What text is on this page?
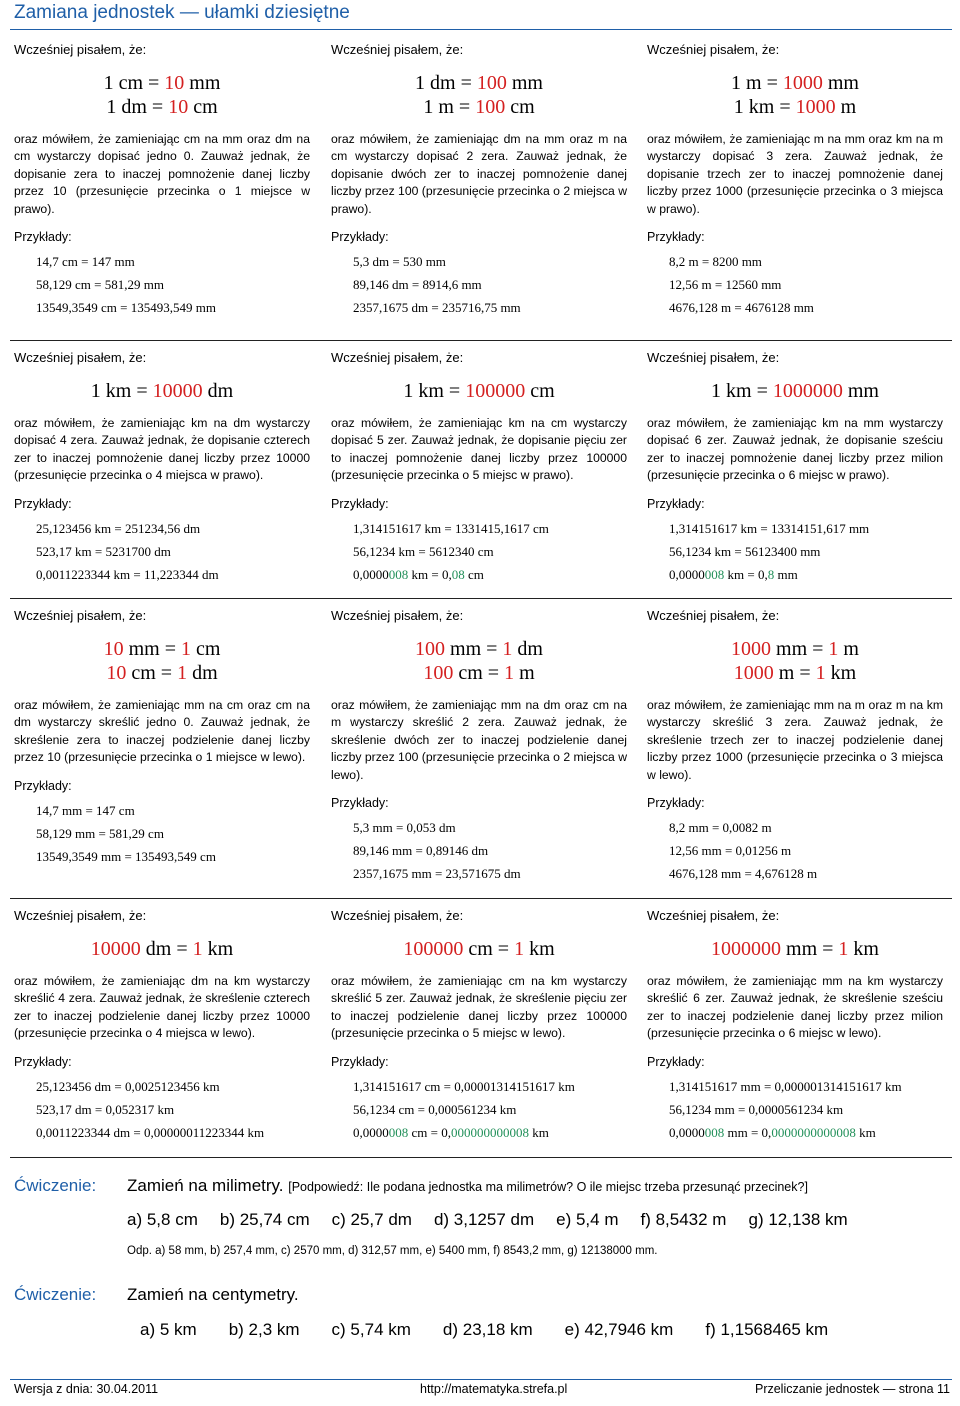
Zamiana jednostek — ułamki dziesiętne
Wcześniej pisałem, że:
1 cm = 10 mm
1 dm = 10 cm
oraz mówiłem, że zamieniając cm na mm oraz dm na cm wystarczy dopisać jedno 0. Zauważ jednak, że dopisanie zera to inaczej pomnożenie danej liczby przez 10 (przesunięcie przecinka o 1 miejsce w prawo).
Przykłady:
14,7 cm = 147 mm
58,129 cm = 581,29 mm
13549,3549 cm = 135493,549 mm
Wcześniej pisałem, że:
1 dm = 100 mm
1 m = 100 cm
oraz mówiłem, że zamieniając dm na mm oraz m na cm wystarczy dopisać 2 zera. Zauważ jednak, że dopisanie dwóch zer to inaczej pomnożenie danej liczby przez 100 (przesunięcie przecinka o 2 miejsca w prawo).
Przykłady:
5,3 dm = 530 mm
89,146 dm = 8914,6 mm
2357,1675 dm = 235716,75 mm
Wcześniej pisałem, że:
1 m = 1000 mm
1 km = 1000 m
oraz mówiłem, że zamieniając m na mm oraz km na m wystarczy dopisać 3 zera. Zauważ jednak, że dopisanie trzech zer to inaczej pomnożenie danej liczby przez 1000 (przesunięcie przecinka o 3 miejsca w prawo).
Przykłady:
8,2 m = 8200 mm
12,56 m = 12560 mm
4676,128 m = 4676128 mm
Wcześniej pisałem, że:
1 km = 10000 dm
oraz mówiłem, że zamieniając km na dm wystarczy dopisać 4 zera. Zauważ jednak, że dopisanie czterech zer to inaczej pomnożenie danej liczby przez 10000 (przesunięcie przecinka o 4 miejsca w prawo).
Przykłady:
25,123456 km = 251234,56 dm
523,17 km = 5231700 dm
0,0011223344 km = 11,223344 dm
Wcześniej pisałem, że:
1 km = 100000 cm
oraz mówiłem, że zamieniając km na cm wystarczy dopisać 5 zer. Zauważ jednak, że dopisanie pięciu zer to inaczej pomnożenie danej liczby przez 100000 (przesunięcie przecinka o 5 miejsc w prawo).
Przykłady:
1,314151617 km = 1331415,1617 cm
56,1234 km = 5612340 cm
0,0000008 km = 0,08 cm
Wcześniej pisałem, że:
1 km = 1000000 mm
oraz mówiłem, że zamieniając km na mm wystarczy dopisać 6 zer. Zauważ jednak, że dopisanie sześciu zer to inaczej pomnożenie danej liczby przez milion (przesunięcie przecinka o 6 miejsc w prawo).
Przykłady:
1,314151617 km = 13314151,617 mm
56,1234 km = 56123400 mm
0,0000008 km = 0,8 mm
Wcześniej pisałem, że:
10 mm = 1 cm
10 cm = 1 dm
oraz mówiłem, że zamieniając mm na cm oraz cm na dm wystarczy skreślić jedno 0. Zauważ jednak, że skreślenie zera to inaczej podzielenie danej liczby przez 10 (przesunięcie przecinka o 1 miejsce w lewo).
Przykłady:
14,7 mm = 147 cm
58,129 mm = 581,29 cm
13549,3549 mm = 135493,549 cm
Wcześniej pisałem, że:
100 mm = 1 dm
100 cm = 1 m
oraz mówiłem, że zamieniając mm na dm oraz cm na m wystarczy skreślić 2 zera. Zauważ jednak, że skreślenie dwóch zer to inaczej podzielenie danej liczby przez 100 (przesunięcie przecinka o 2 miejsca w lewo).
Przykłady:
5,3 mm = 0,053 dm
89,146 mm = 0,89146 dm
2357,1675 mm = 23,571675 dm
Wcześniej pisałem, że:
1000 mm = 1 m
1000 m = 1 km
oraz mówiłem, że zamieniając mm na m oraz m na km wystarczy skreślić 3 zera. Zauważ jednak, że skreślenie trzech zer to inaczej podzielenie danej liczby przez 1000 (przesunięcie przecinka o 3 miejsca w lewo).
Przykłady:
8,2 mm = 0,0082 m
12,56 mm = 0,01256 m
4676,128 mm = 4,676128 m
Wcześniej pisałem, że:
10000 dm = 1 km
oraz mówiłem, że zamieniając dm na km wystarczy skreślić 4 zera. Zauważ jednak, że skreślenie czterech zer to inaczej podzielenie danej liczby przez 10000 (przesunięcie przecinka o 4 miejsca w lewo).
Przykłady:
25,123456 dm = 0,0025123456 km
523,17 dm = 0,052317 km
0,0011223344 dm = 0,00000011223344 km
Wcześniej pisałem, że:
100000 cm = 1 km
oraz mówiłem, że zamieniając cm na km wystarczy skreślić 5 zer. Zauważ jednak, że skreślenie pięciu zer to inaczej podzielenie danej liczby przez 100000 (przesunięcie przecinka o 5 miejsc w lewo).
Przykłady:
1,314151617 cm = 0,00001314151617 km
56,1234 cm = 0,000561234 km
0,0000008 cm = 0,000000000008 km
Wcześniej pisałem, że:
1000000 mm = 1 km
oraz mówiłem, że zamieniając mm na km wystarczy skreślić 6 zer. Zauważ jednak, że skreślenie sześciu zer to inaczej podzielenie danej liczby przez milion (przesunięcie przecinka o 6 miejsc w lewo).
Przykłady:
1,314151617 mm = 0,000001314151617 km
56,1234 mm = 0,0000561234 km
0,0000008 mm = 0,0000000000008 km
Ćwiczenie: Zamień na milimetry. [Podpowiedź: Ile podana jednostka ma milimetrów? O ile miejsc trzeba przesunąć przecinek?]
a) 5,8 cm b) 25,74 cm c) 25,7 dm d) 3,1257 dm e) 5,4 m f) 8,5432 m g) 12,138 km
Odp. a) 58 mm, b) 257,4 mm, c) 2570 mm, d) 312,57 mm, e) 5400 mm, f) 8543,2 mm, g) 12138000 mm.
Ćwiczenie: Zamień na centymetry.
a) 5 km b) 2,3 km c) 5,74 km d) 23,18 km e) 42,7946 km f) 1,1568465 km
Wersja z dnia: 30.04.2011	http://matematyka.strefa.pl	Przeliczanie jednostek — strona 11
